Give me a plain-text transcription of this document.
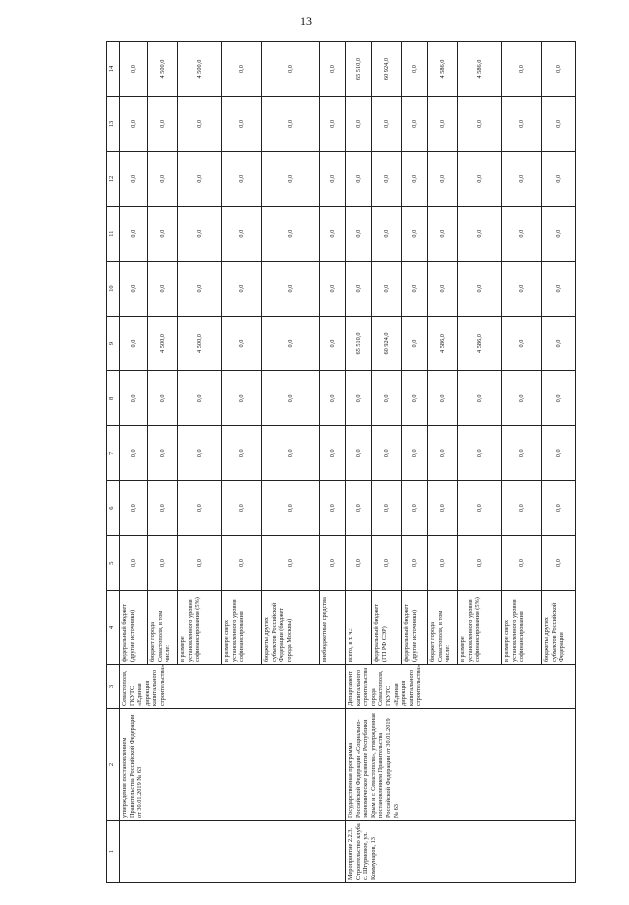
13
1	2	3	4	5	6	7	8	9	10	11	12	13	14
	утверждения постановлением Правительства Российской Федерации от 30.01.2019 № 63	Севастополя, ГКУТС «Единая дирекция капитального строительства»	федеральный бюджет (другие источники)	0,0	0,0	0,0	0,0	0,0	0,0	0,0	0,0	0,0	0,0
			бюджет города Севастополя, в том числе:	0,0	0,0	0,0	0,0	4 500,0	0,0	0,0	0,0	0,0	4 500,0
			в размере установленного уровня софинансирования (5%)	0,0	0,0	0,0	0,0	4 500,0	0,0	0,0	0,0	0,0	4 500,0
			в размере сверх установленного уровня софинансирования	0,0	0,0	0,0	0,0	0,0	0,0	0,0	0,0	0,0	0,0
			бюджеты других субъектов Российской Федерации (бюджет города Москвы)	0,0	0,0	0,0	0,0	0,0	0,0	0,0	0,0	0,0	0,0
			внебюджетные средства	0,0	0,0	0,0	0,0	0,0	0,0	0,0	0,0	0,0	0,0
Мероприятие 2.2.3. Строительство клуба с. Штурмовое, ул. Коммунаров, 13	Государственная программа Российской Федерации «Социально-экономическое развитие Республики Крым и г. Севастополя», утвержденная постановлением Правительства Российской Федерации от 30.01.2019 № 63	Департамент капитального строительства города Севастополя, ГКУТС «Единая дирекция капитального строительства»	всего, в т. ч.:	0,0	0,0	0,0	0,0	65 510,0	0,0	0,0	0,0	0,0	65 510,0
			федеральный бюджет (ГП РФ СЭР)	0,0	0,0	0,0	0,0	60 924,0	0,0	0,0	0,0	0,0	60 924,0
			федеральный бюджет (другие источники)	0,0	0,0	0,0	0,0	0,0	0,0	0,0	0,0	0,0	0,0
			бюджет города Севастополя, в том числе:	0,0	0,0	0,0	0,0	4 586,0	0,0	0,0	0,0	0,0	4 586,0
			в размере установленного уровня софинансирования (5%)	0,0	0,0	0,0	0,0	4 586,0	0,0	0,0	0,0	0,0	4 586,0
			в размере сверх установленного уровня софинансирования	0,0	0,0	0,0	0,0	0,0	0,0	0,0	0,0	0,0	0,0
			бюджеты других субъектов Российской Федерации	0,0	0,0	0,0	0,0	0,0	0,0	0,0	0,0	0,0	0,0
